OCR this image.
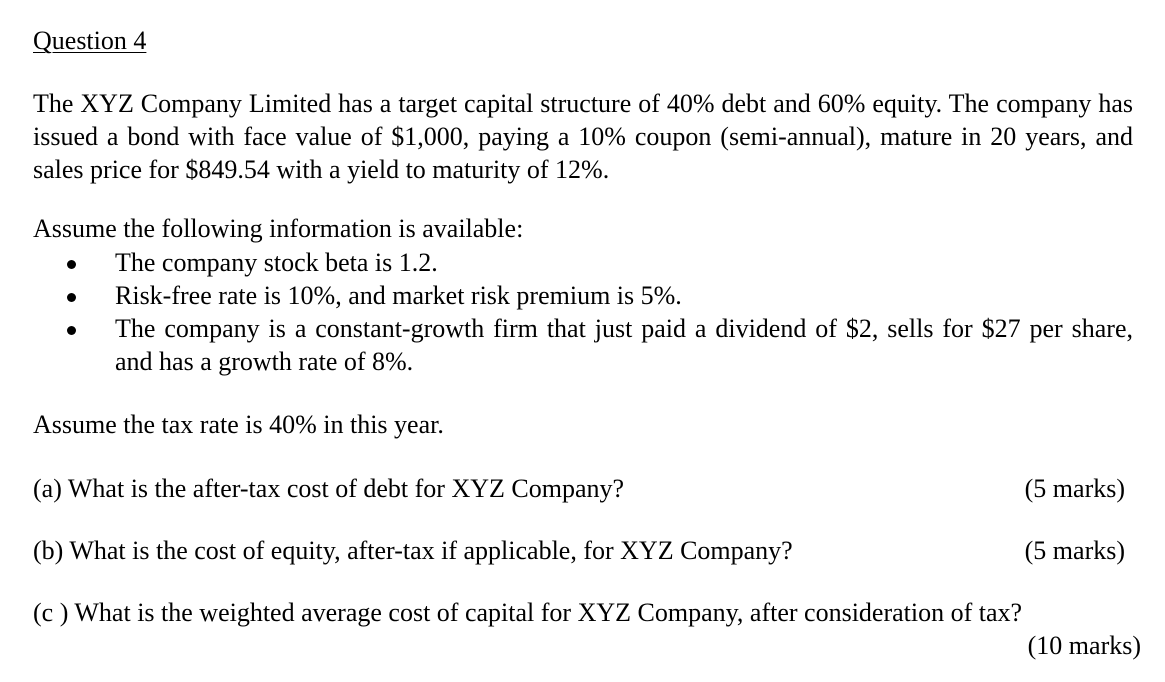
Question 4

The XYZ Company Limited has a target capital structure of 40% debt and 60% equity. The company has issued a bond with face value of $1,000, paying a 10% coupon (semi-annual), mature in 20 years, and sales price for $849.54 with a yield to maturity of 12%.

Assume the following information is available:

The company stock beta is 1.2.
Risk-free rate is 10%, and market risk premium is 5%.
The company is a constant-growth firm that just paid a dividend of $2, sells for $27 per share, and has a growth rate of 8%.

Assume the tax rate is 40% in this year.

(a) What is the after-tax cost of debt for XYZ Company?	(5 marks)
(b) What is the cost of equity, after-tax if applicable, for XYZ Company?	(5 marks)
(c ) What is the weighted average cost of capital for XYZ Company, after consideration of tax?
(10 marks)
